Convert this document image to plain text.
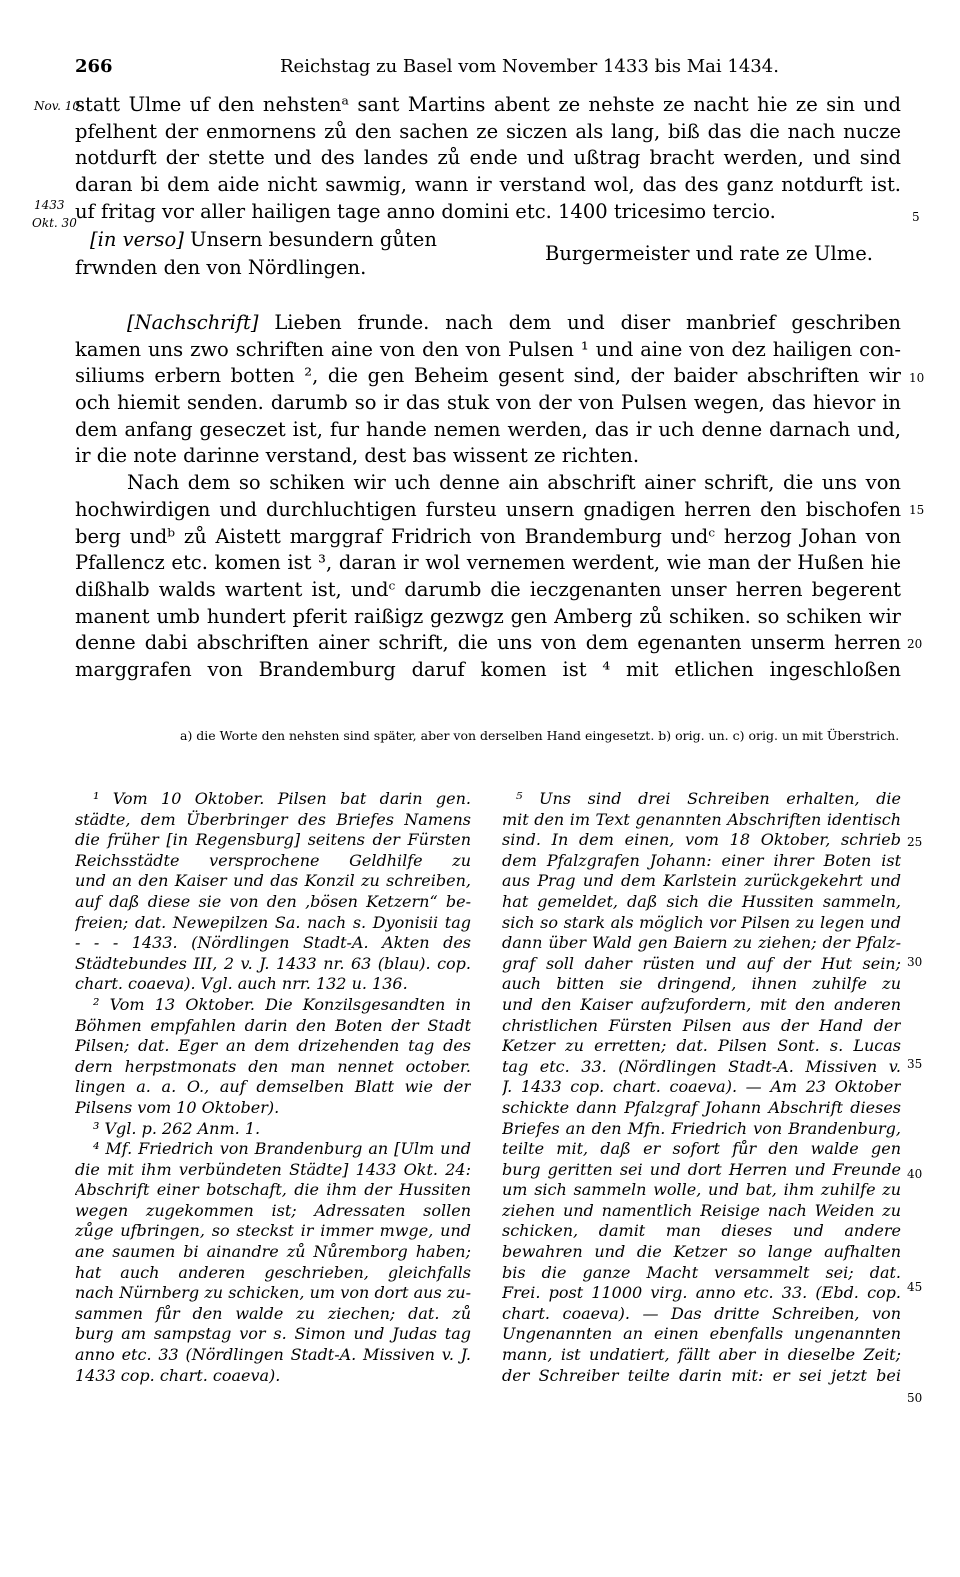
266	Reichstag zu Basel vom November 1433 bis Mai 1434.
Nov. 10
1433
Okt. 30	5
10
15
20
25
30
35
40
45
50
statt Ulme uf den nehstenᵃ sant Martins abent ze nehste ze nacht hie ze sin und
pfelhent der enmornens zů den sachen ze siczen als lang, biß das die nach nucze
notdurft der stette und des landes zů ende und ußtrag bracht werden, und sind
daran bi dem aide nicht sawmig, wann ir verstand wol, das des ganz notdurft ist.
uf fritag vor aller hailigen tage anno domini etc. 1400 tricesimo tercio.
[in verso] Unsern besundern gůten
frwnden den von Nördlingen.
Burgermeister und rate ze Ulme.
[Nachschrift] Lieben frunde. nach dem und diser manbrief geschriben
kamen uns zwo schriften aine von den von Pulsen ¹ und aine von dez hailigen con-
siliums erbern botten ², die gen Beheim gesent sind, der baider abschriften wir
och hiemit senden. darumb so ir das stuk von der von Pulsen wegen, das hievor in
dem anfang geseczet ist, fur hande nemen werden, das ir uch denne darnach und,
ir die note darinne verstand, dest bas wissent ze richten.
Nach dem so schiken wir uch denne ain abschrift ainer schrift, die uns von
hochwirdigen und durchluchtigen fursteu unsern gnadigen herren den bischofen
berg undᵇ zů Aistett marggraf Fridrich von Brandemburg undᶜ herzog Johan von
Pfallencz etc. komen ist ³, daran ir wol vernemen werdent, wie man der Hußen hie
dißhalb walds wartent ist, undᶜ darumb die ieczgenanten unser herren begerent
manent umb hundert pferit raißigz gezwgz gen Amberg zů schiken. so schiken wir
denne dabi abschriften ainer schrift, die uns von dem egenanten unserm herren
marggrafen von Brandemburg daruf komen ist ⁴ mit etlichen ingeschloßen
a) die Worte den nehsten sind später, aber von derselben Hand eingesetzt. b) orig. un. c) orig. un mit Überstrich.
¹ Vom 10 Oktober. Pilsen bat darin gen.
städte, dem Überbringer des Briefes Namens
die früher [in Regensburg] seitens der Fürsten
Reichsstädte versprochene Geldhilfe zu
und an den Kaiser und das Konzil zu schreiben,
auf daß diese sie von den ‚bösen Ketzern“ be-
freien; dat. Newepilzen Sa. nach s. Dyonisii tag
- - - 1433. (Nördlingen Stadt-A. Akten des
Städtebundes III, 2 v. J. 1433 nr. 63 (blau). cop.
chart. coaeva). Vgl. auch nrr. 132 u. 136.
² Vom 13 Oktober. Die Konzilsgesandten in
Böhmen empfahlen darin den Boten der Stadt
Pilsen; dat. Eger an dem drizehenden tag des
dern herpstmonats den man nennet october.
lingen a. a. O., auf demselben Blatt wie der
Pilsens vom 10 Oktober).
³ Vgl. p. 262 Anm. 1.
⁴ Mf. Friedrich von Brandenburg an [Ulm und
die mit ihm verbündeten Städte] 1433 Okt. 24:
Abschrift einer botschaft, die ihm der Hussiten
wegen zugekommen ist; Adressaten sollen
zůge ufbringen, so steckst ir immer mwge, und
ane saumen bi ainandre zů Nůremborg haben;
hat auch anderen geschrieben, gleichfalls
nach Nürnberg zu schicken, um von dort aus zu-
sammen fůr den walde zu ziechen; dat. zů
burg am sampstag vor s. Simon und Judas tag
anno etc. 33 (Nördlingen Stadt-A. Missiven v. J.
1433 cop. chart. coaeva).
⁵ Uns sind drei Schreiben erhalten, die
mit den im Text genannten Abschriften identisch
sind. In dem einen, vom 18 Oktober, schrieb
dem Pfalzgrafen Johann: einer ihrer Boten ist
aus Prag und dem Karlstein zurückgekehrt und
hat gemeldet, daß sich die Hussiten sammeln,
sich so stark als möglich vor Pilsen zu legen und
dann über Wald gen Baiern zu ziehen; der Pfalz-
graf soll daher rüsten und auf der Hut sein;
auch bitten sie dringend, ihnen zuhilfe zu
und den Kaiser aufzufordern, mit den anderen
christlichen Fürsten Pilsen aus der Hand der
Ketzer zu erretten; dat. Pilsen Sont. s. Lucas
tag etc. 33. (Nördlingen Stadt-A. Missiven v.
J. 1433 cop. chart. coaeva). — Am 23 Oktober
schickte dann Pfalzgraf Johann Abschrift dieses
Briefes an den Mfn. Friedrich von Brandenburg,
teilte mit, daß er sofort fůr den walde gen
burg geritten sei und dort Herren und Freunde
um sich sammeln wolle, und bat, ihm zuhilfe zu
ziehen und namentlich Reisige nach Weiden zu
schicken, damit man dieses und andere
bewahren und die Ketzer so lange aufhalten
bis die ganze Macht versammelt sei; dat.
Frei. post 11000 virg. anno etc. 33. (Ebd. cop.
chart. coaeva). — Das dritte Schreiben, von
Ungenannten an einen ebenfalls ungenannten
mann, ist undatiert, fällt aber in dieselbe Zeit;
der Schreiber teilte darin mit: er sei jetzt bei
